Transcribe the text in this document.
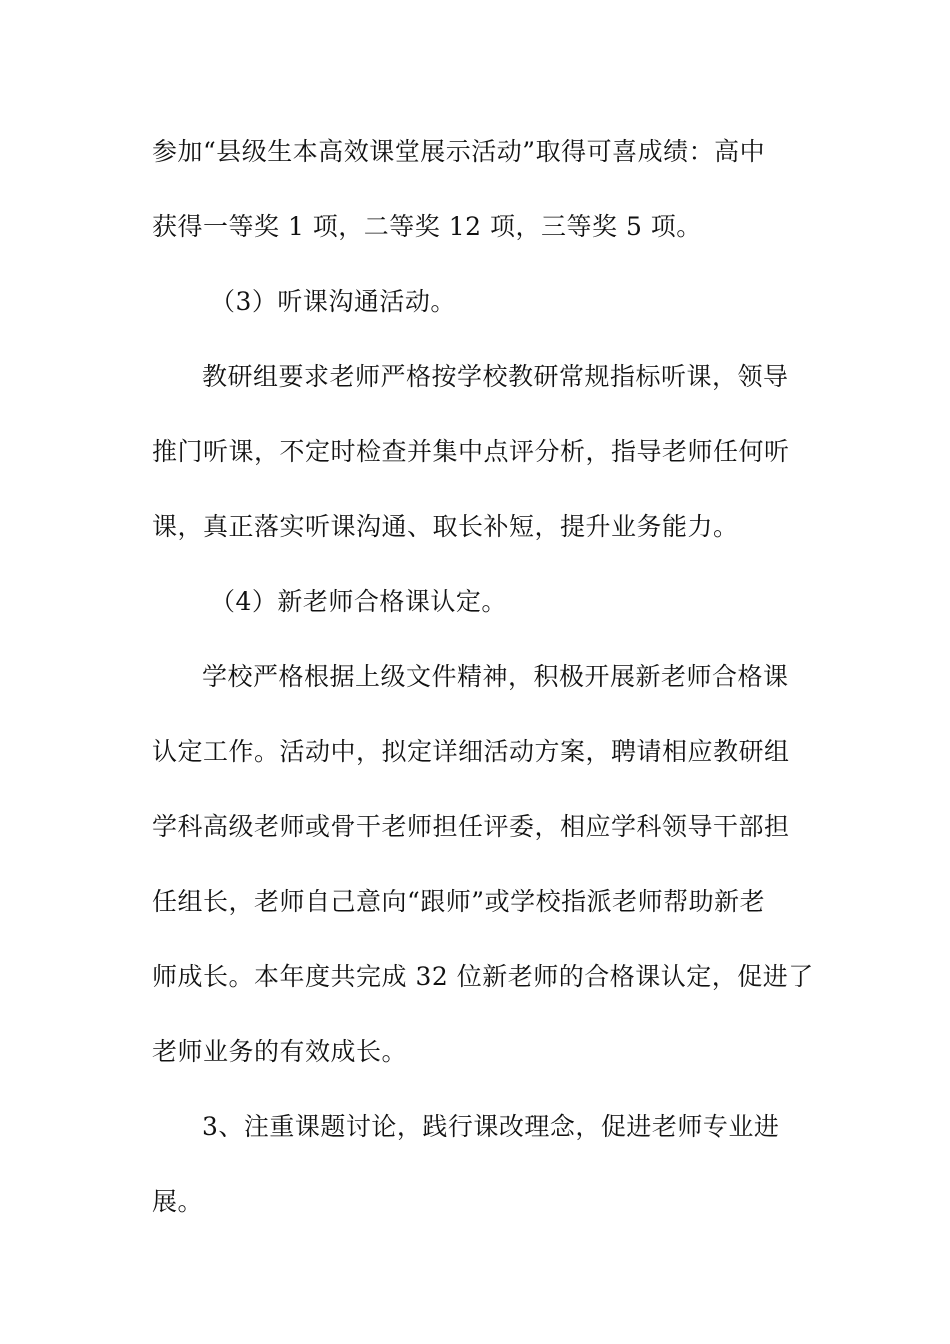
参加“县级生本高效课堂展示活动”取得可喜成绩：高中
获得一等奖 1 项，二等奖 12 项，三等奖 5 项。
（3）听课沟通活动。
教研组要求老师严格按学校教研常规指标听课，领导
推门听课，不定时检查并集中点评分析，指导老师任何听
课，真正落实听课沟通、取长补短，提升业务能力。
（4）新老师合格课认定。
学校严格根据上级文件精神，积极开展新老师合格课
认定工作。活动中，拟定详细活动方案，聘请相应教研组
学科高级老师或骨干老师担任评委，相应学科领导干部担
任组长，老师自己意向“跟师”或学校指派老师帮助新老
师成长。本年度共完成 32 位新老师的合格课认定，促进了
老师业务的有效成长。
3、注重课题讨论，践行课改理念，促进老师专业进
展。
